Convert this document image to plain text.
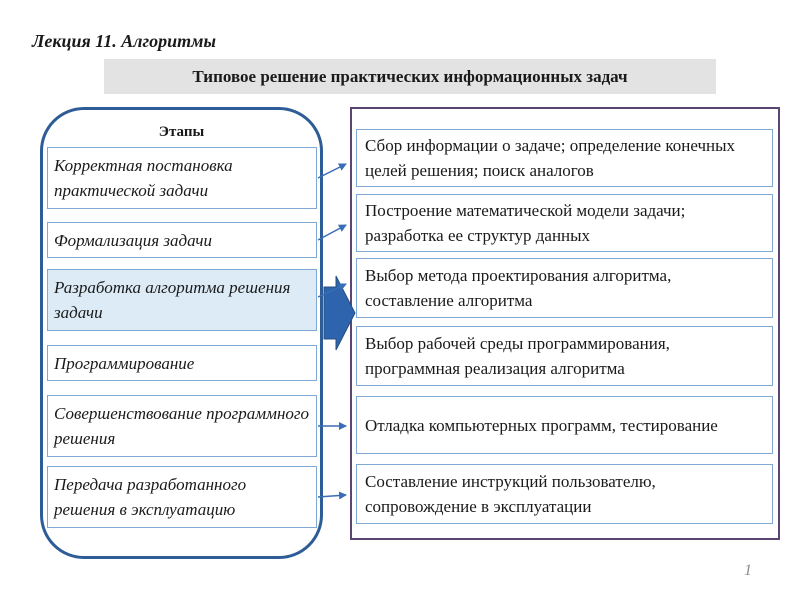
Лекция 11. Алгоритмы
Типовое решение практических информационных задач
Этапы
Корректная постановка практической задачи
Формализация задачи
Разработка алгоритма решения задачи
Программирование
Совершенствование программного решения
Передача разработанного решения в эксплуатацию
Сбор информации о задаче; определение конечных целей решения; поиск аналогов
Построение математической модели задачи; разработка ее структур данных
Выбор метода проектирования алгоритма, составление алгоритма
Выбор рабочей среды программирования, программная реализация алгоритма
Отладка компьютерных программ, тестирование
Составление инструкций пользователю, сопровождение в эксплуатации
1
